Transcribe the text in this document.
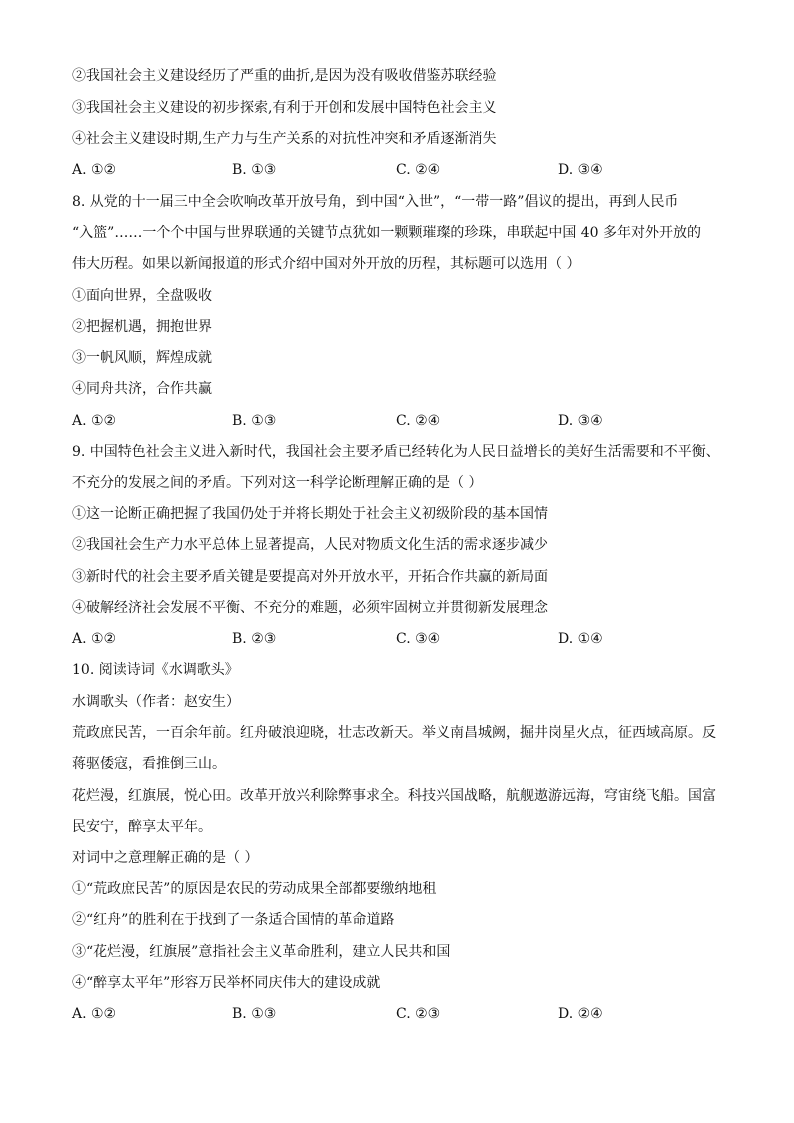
②我国社会主义建设经历了严重的曲折,是因为没有吸收借鉴苏联经验
③我国社会主义建设的初步探索,有利于开创和发展中国特色社会主义
④社会主义建设时期,生产力与生产关系的对抗性冲突和矛盾逐渐消失
A. ①②	B. ①③	C. ②④	D. ③④
8. 从党的十一届三中全会吹响改革开放号角，到中国“入世”，“一带一路”倡议的提出，再到人民币
“入篮”……一个个中国与世界联通的关键节点犹如一颗颗璀璨的珍珠，串联起中国 40 多年对外开放的
伟大历程。如果以新闻报道的形式介绍中国对外开放的历程，其标题可以选用（ ）
①面向世界，全盘吸收
②把握机遇，拥抱世界
③一帆风顺，辉煌成就
④同舟共济，合作共赢
A. ①②	B. ①③	C. ②④	D. ③④
9. 中国特色社会主义进入新时代，我国社会主要矛盾已经转化为人民日益增长的美好生活需要和不平衡、
不充分的发展之间的矛盾。下列对这一科学论断理解正确的是（ ）
①这一论断正确把握了我国仍处于并将长期处于社会主义初级阶段的基本国情
②我国社会生产力水平总体上显著提高，人民对物质文化生活的需求逐步减少
③新时代的社会主要矛盾关键是要提高对外开放水平，开拓合作共赢的新局面
④破解经济社会发展不平衡、不充分的难题，必须牢固树立并贯彻新发展理念
A. ①②	B. ②③	C. ③④	D. ①④
10. 阅读诗词《水调歌头》
水调歌头（作者：赵安生）
荒政庶民苦，一百余年前。红舟破浪迎晓，壮志改新天。举义南昌城阙，掘井岗星火点，征西域高原。反
蒋驱倭寇，看推倒三山。
花烂漫，红旗展，悦心田。改革开放兴利除弊事求全。科技兴国战略，航舰遨游远海，穹宙绕飞船。国富
民安宁，醉享太平年。
对词中之意理解正确的是（ ）
①“荒政庶民苦”的原因是农民的劳动成果全部都要缴纳地租
②“红舟”的胜利在于找到了一条适合国情的革命道路
③“花烂漫，红旗展”意指社会主义革命胜利，建立人民共和国
④“醉享太平年”形容万民举杯同庆伟大的建设成就
A. ①②	B. ①③	C. ②③	D. ②④
